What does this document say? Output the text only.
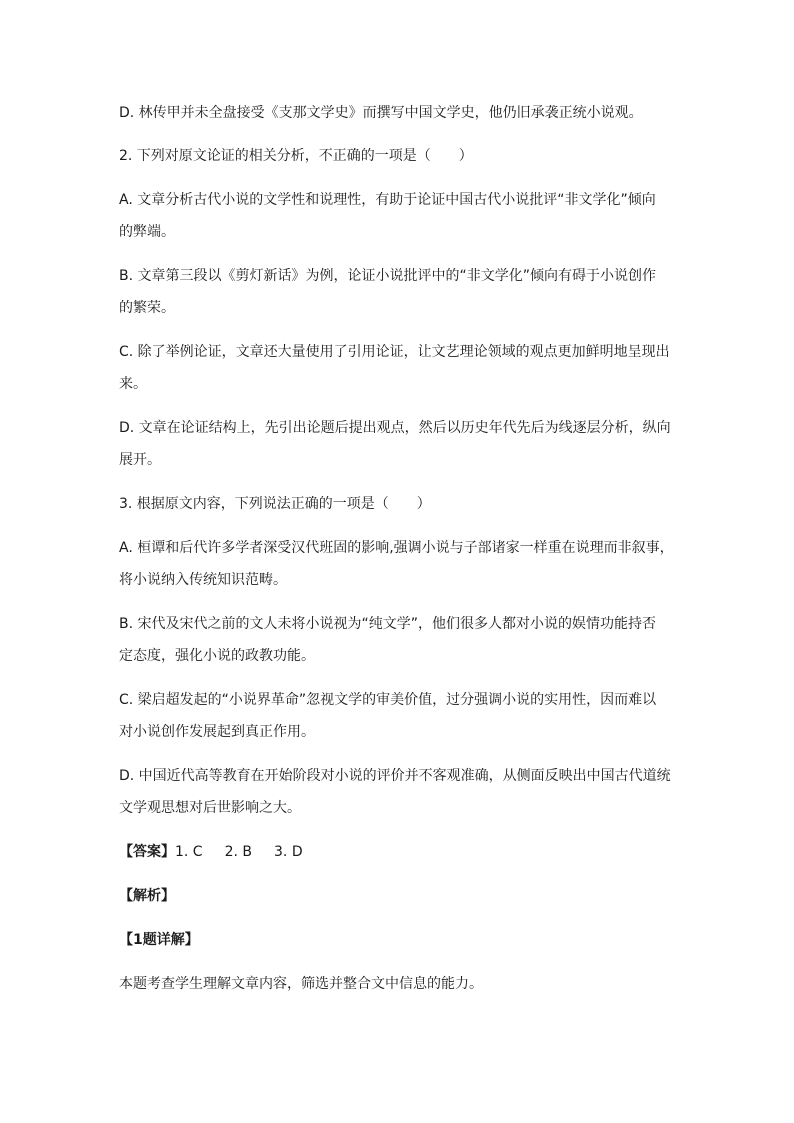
D. 林传甲并未全盘接受《支那文学史》而撰写中国文学史，他仍旧承袭正统小说观。
2. 下列对原文论证的相关分析，不正确的一项是（　　）
A. 文章分析古代小说的文学性和说理性，有助于论证中国古代小说批评“非文学化”倾向
的弊端。
B. 文章第三段以《剪灯新话》为例，论证小说批评中的“非文学化”倾向有碍于小说创作
的繁荣。
C. 除了举例论证，文章还大量使用了引用论证，让文艺理论领域的观点更加鲜明地呈现出
来。
D. 文章在论证结构上，先引出论题后提出观点，然后以历史年代先后为线逐层分析，纵向
展开。
3. 根据原文内容，下列说法正确的一项是（　　）
A. 桓谭和后代许多学者深受汉代班固的影响,强调小说与子部诸家一样重在说理而非叙事，
将小说纳入传统知识范畴。
B. 宋代及宋代之前的文人未将小说视为“纯文学”，他们很多人都对小说的娱情功能持否
定态度，强化小说的政教功能。
C. 梁启超发起的“小说界革命”忽视文学的审美价值，过分强调小说的实用性，因而难以
对小说创作发展起到真正作用。
D. 中国近代高等教育在开始阶段对小说的评价并不客观准确，从侧面反映出中国古代道统
文学观思想对后世影响之大。
【答案】1. C 2. B 3. D
【解析】
【1题详解】
本题考查学生理解文章内容，筛选并整合文中信息的能力。
